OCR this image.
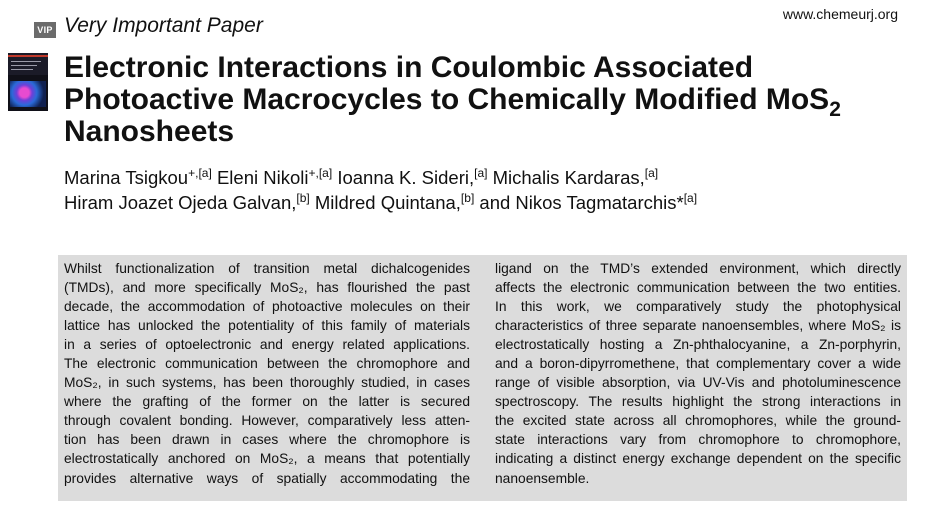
VIP Very Important Paper	www.chemeurj.org
Electronic Interactions in Coulombic Associated
Photoactive Macrocycles to Chemically Modified MoS$_2$
Nanosheets
Marina Tsigkou$^{+,[a]}$ Eleni Nikoli$^{+,[a]}$ Ioanna K. Sideri,[a] Michalis Kardaras,[a]
Hiram Joazet Ojeda Galvan,[b] Mildred Quintana,[b] and Nikos Tagmatarchis*[a]
Whilst functionalization of transition metal dichalcogenides
(TMDs), and more specifically MoS₂, has flourished the past
decade, the accommodation of photoactive molecules on their
lattice has unlocked the potentiality of this family of materials
in a series of optoelectronic and energy related applications.
The electronic communication between the chromophore and
MoS₂, in such systems, has been thoroughly studied, in cases
where the grafting of the former on the latter is secured
through covalent bonding. However, comparatively less atten-
tion has been drawn in cases where the chromophore is
electrostatically anchored on MoS₂, a means that potentially
provides alternative ways of spatially accommodating the
ligand on the TMD’s extended environment, which directly
affects the electronic communication between the two entities.
In this work, we comparatively study the photophysical
characteristics of three separate nanoensembles, where MoS₂ is
electrostatically hosting a Zn-phthalocyanine, a Zn-porphyrin,
and a boron-dipyrromethene, that complementary cover a wide
range of visible absorption, via UV-Vis and photoluminescence
spectroscopy. The results highlight the strong interactions in
the excited state across all chromophores, while the ground-
state interactions vary from chromophore to chromophore,
indicating a distinct energy exchange dependent on the specific
nanoensemble.
